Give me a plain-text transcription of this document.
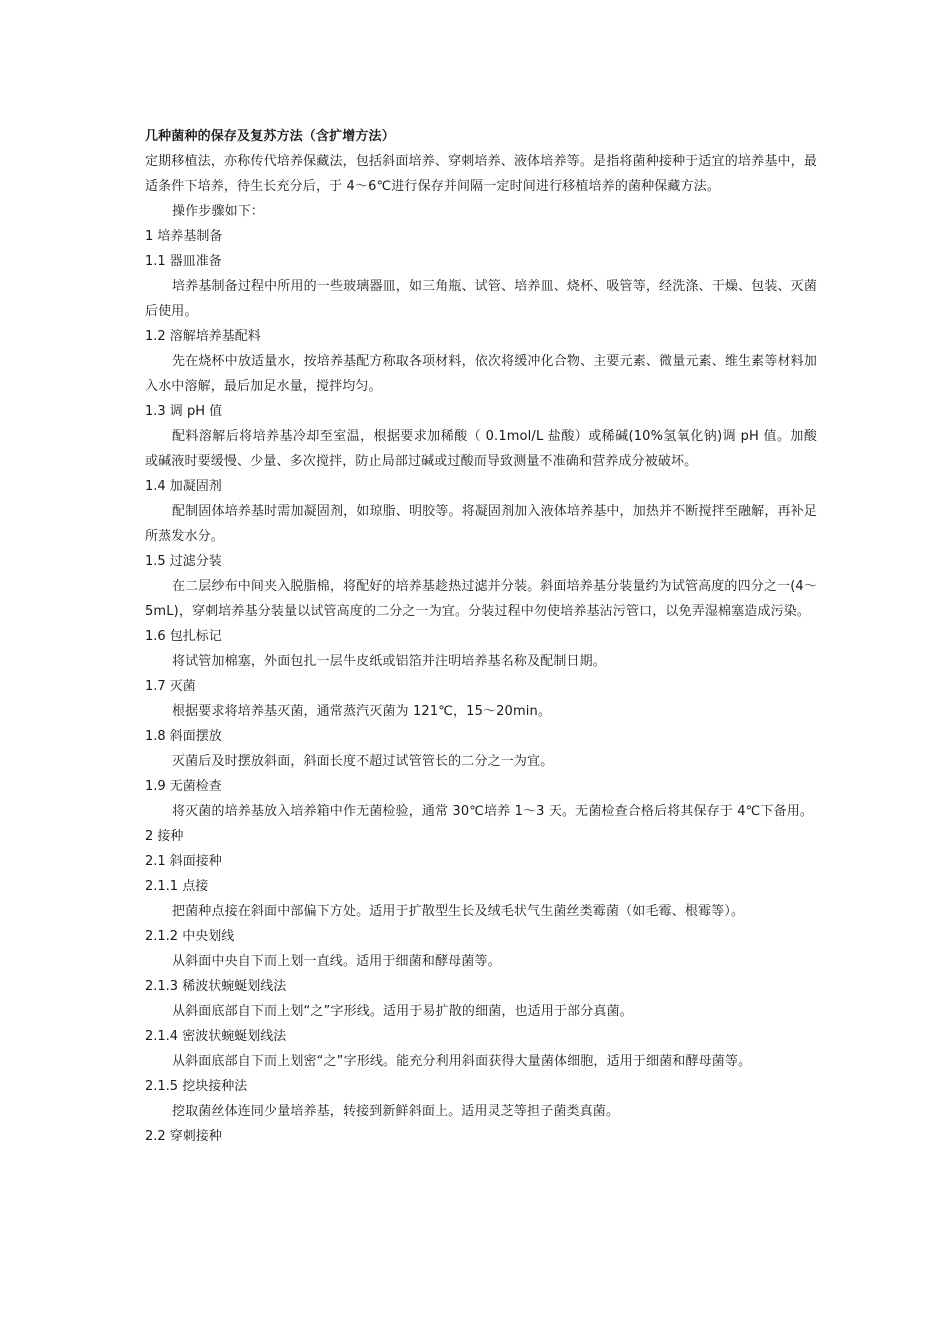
几种菌种的保存及复苏方法（含扩增方法）
定期移植法，亦称传代培养保藏法，包括斜面培养、穿刺培养、液体培养等。是指将菌种接种于适宜的培养基中，最适条件下培养，待生长充分后，于 4～6℃进行保存并间隔一定时间进行移植培养的菌种保藏方法。
操作步骤如下：
1 培养基制备
1.1 器皿准备
培养基制备过程中所用的一些玻璃器皿，如三角瓶、试管、培养皿、烧杯、吸管等，经洗涤、干燥、包装、灭菌后使用。
1.2 溶解培养基配料
先在烧杯中放适量水，按培养基配方称取各项材料，依次将缓冲化合物、主要元素、微量元素、维生素等材料加入水中溶解，最后加足水量，搅拌均匀。
1.3 调 pH 值
配料溶解后将培养基冷却至室温，根据要求加稀酸（ 0.1mol/L 盐酸）或稀碱(10%氢氧化钠)调 pH 值。加酸或碱液时要缓慢、少量、多次搅拌，防止局部过碱或过酸而导致测量不准确和营养成分被破坏。
1.4 加凝固剂
配制固体培养基时需加凝固剂，如琼脂、明胶等。将凝固剂加入液体培养基中，加热并不断搅拌至融解，再补足所蒸发水分。
1.5 过滤分装
在二层纱布中间夹入脱脂棉，将配好的培养基趁热过滤并分装。斜面培养基分装量约为试管高度的四分之一(4～5mL)，穿刺培养基分装量以试管高度的二分之一为宜。分装过程中勿使培养基沾污管口，以免弄湿棉塞造成污染。
1.6 包扎标记
将试管加棉塞，外面包扎一层牛皮纸或铝箔并注明培养基名称及配制日期。
1.7 灭菌
根据要求将培养基灭菌，通常蒸汽灭菌为 121℃，15～20min。
1.8 斜面摆放
灭菌后及时摆放斜面，斜面长度不超过试管管长的二分之一为宜。
1.9 无菌检查
将灭菌的培养基放入培养箱中作无菌检验，通常 30℃培养 1～3 天。无菌检查合格后将其保存于 4℃下备用。
2 接种
2.1 斜面接种
2.1.1 点接
把菌种点接在斜面中部偏下方处。适用于扩散型生长及绒毛状气生菌丝类霉菌（如毛霉、根霉等）。
2.1.2 中央划线
从斜面中央自下而上划一直线。适用于细菌和酵母菌等。
2.1.3 稀波状蜿蜒划线法
从斜面底部自下而上划“之”字形线。适用于易扩散的细菌，也适用于部分真菌。
2.1.4 密波状蜿蜒划线法
从斜面底部自下而上划密“之”字形线。能充分利用斜面获得大量菌体细胞，适用于细菌和酵母菌等。
2.1.5 挖块接种法
挖取菌丝体连同少量培养基，转接到新鲜斜面上。适用灵芝等担子菌类真菌。
2.2 穿刺接种
